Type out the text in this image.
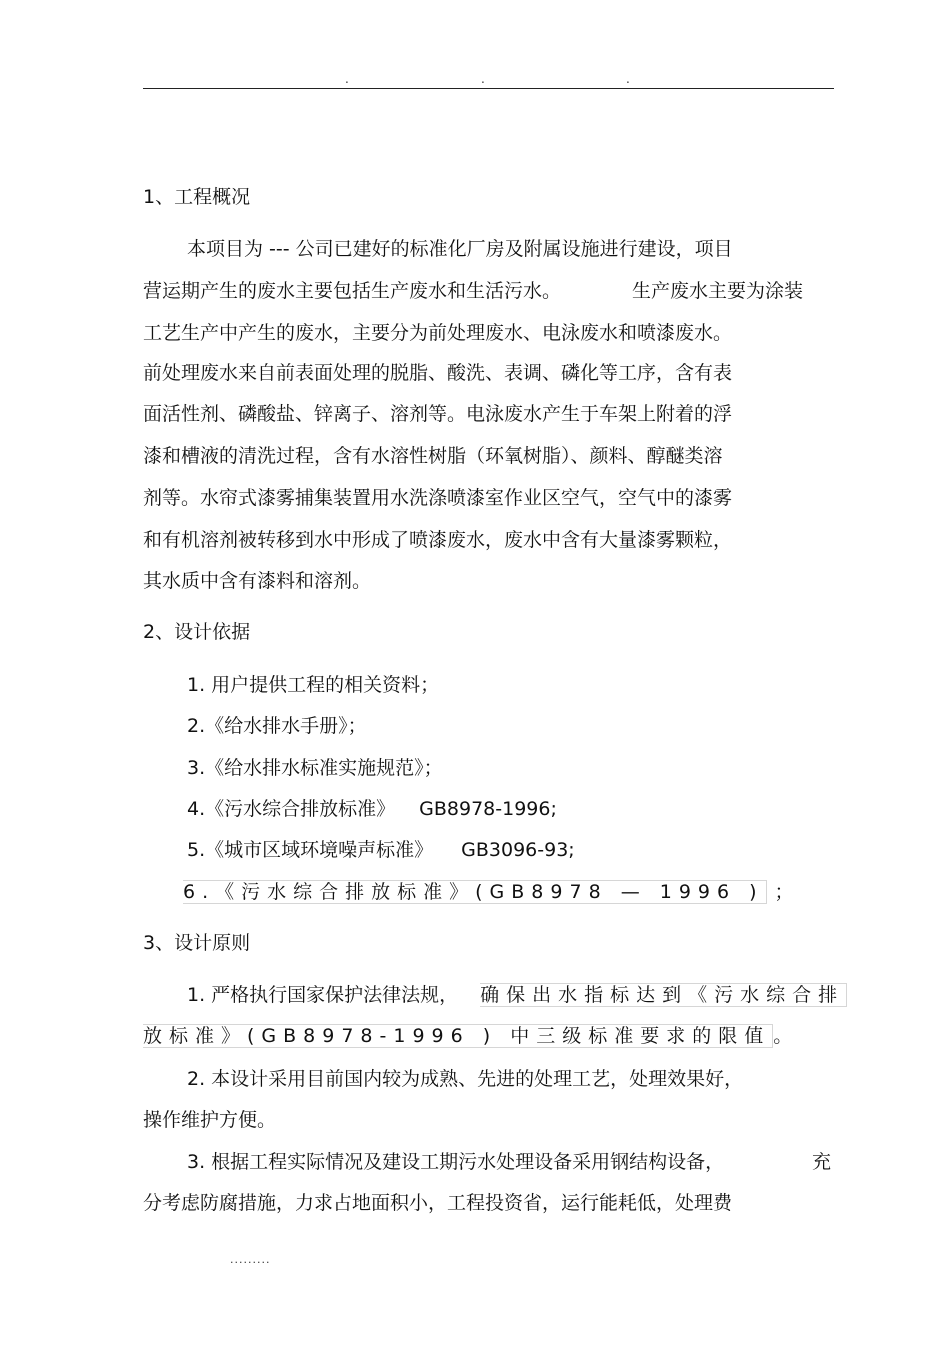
.	.	.
1、工程概况
本项目为 --- 公司已建好的标准化厂房及附属设施进行建设，项目
营运期产生的废水主要包括生产废水和生活污水。	生产废水主要为涂装
工艺生产中产生的废水，主要分为前处理废水、电泳废水和喷漆废水。
前处理废水来自前表面处理的脱脂、酸洗、表调、磷化等工序，含有表
面活性剂、磷酸盐、锌离子、溶剂等。电泳废水产生于车架上附着的浮
漆和槽液的清洗过程，含有水溶性树脂（环氧树脂）、颜料、醇醚类溶
剂等。水帘式漆雾捕集装置用水洗涤喷漆室作业区空气，空气中的漆雾
和有机溶剂被转移到水中形成了喷漆废水，废水中含有大量漆雾颗粒，
其水质中含有漆料和溶剂。
2、设计依据
1. 用户提供工程的相关资料；
2.《给水排水手册》；
3.《给水排水标准实施规范》；
4.《污水综合排放标准》 GB8978-1996;
5.《城市区域环境噪声标准》 GB3096-93;
6.《污水综合排放标准》(GB8978 — 1996 ) ；
3、设计原则
1. 严格执行国家保护法律法规， 确保出水指标达到《污水综合排
放标准》(GB8978-1996 ) 中三级标准要求的限值 。
2. 本设计采用目前国内较为成熟、先进的处理工艺，处理效果好，
操作维护方便。
3. 根据工程实际情况及建设工期污水处理设备采用钢结构设备，	充
分考虑防腐措施，力求占地面积小，工程投资省，运行能耗低，处理费
.........
